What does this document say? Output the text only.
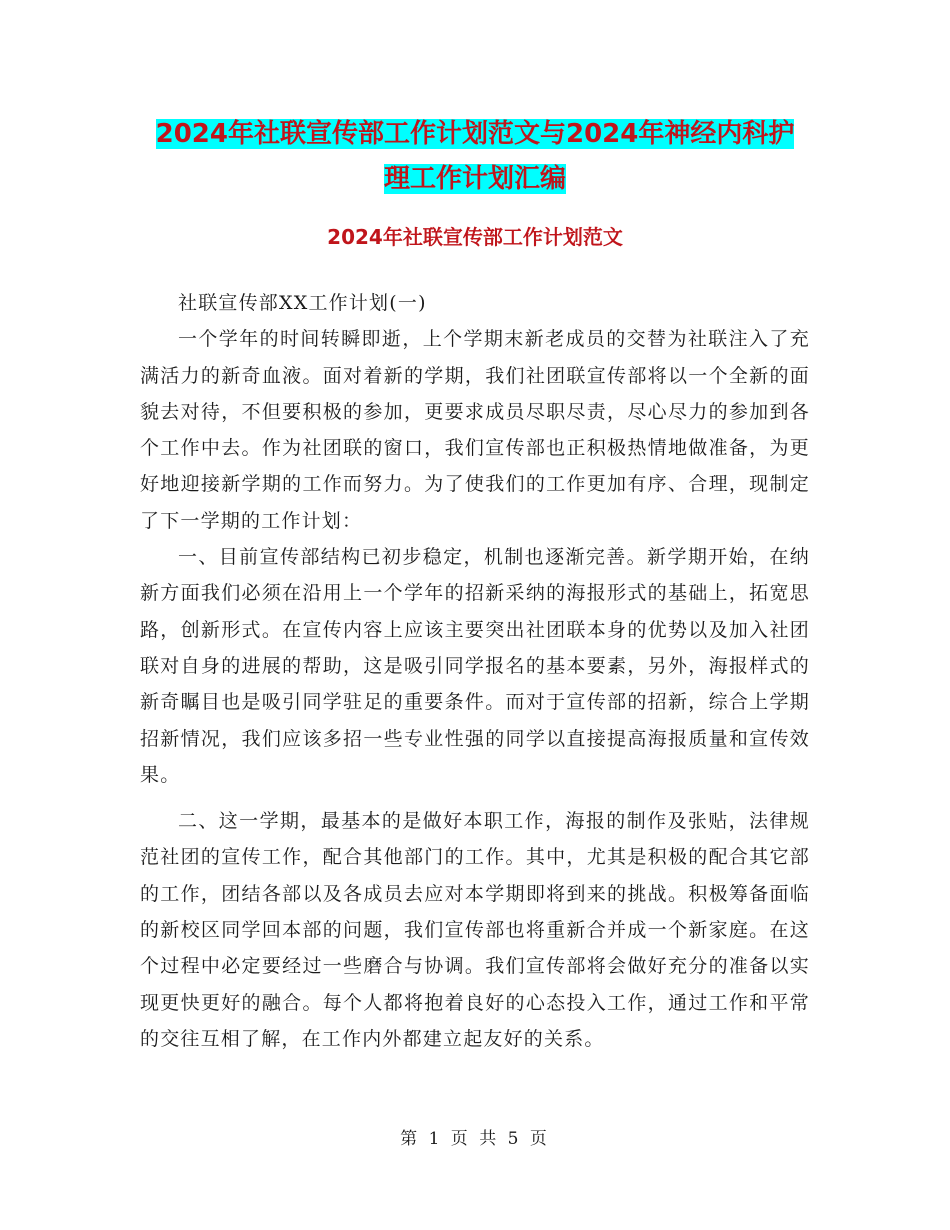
2024年社联宣传部工作计划范文与2024年神经内科护
理工作计划汇编
2024年社联宣传部工作计划范文

社联宣传部XX工作计划(一)

一个学年的时间转瞬即逝，上个学期末新老成员的交替为社联注入了充满活力的新奇血液。面对着新的学期，我们社团联宣传部将以一个全新的面貌去对待，不但要积极的参加，更要求成员尽职尽责，尽心尽力的参加到各个工作中去。作为社团联的窗口，我们宣传部也正积极热情地做准备，为更好地迎接新学期的工作而努力。为了使我们的工作更加有序、合理，现制定了下一学期的工作计划：

一、目前宣传部结构已初步稳定，机制也逐渐完善。新学期开始，在纳新方面我们必须在沿用上一个学年的招新采纳的海报形式的基础上，拓宽思路，创新形式。在宣传内容上应该主要突出社团联本身的优势以及加入社团联对自身的进展的帮助，这是吸引同学报名的基本要素，另外，海报样式的新奇瞩目也是吸引同学驻足的重要条件。而对于宣传部的招新，综合上学期招新情况，我们应该多招一些专业性强的同学以直接提高海报质量和宣传效果。

二、这一学期，最基本的是做好本职工作，海报的制作及张贴，法律规范社团的宣传工作，配合其他部门的工作。其中，尤其是积极的配合其它部的工作，团结各部以及各成员去应对本学期即将到来的挑战。积极筹备面临的新校区同学回本部的问题，我们宣传部也将重新合并成一个新家庭。在这个过程中必定要经过一些磨合与协调。我们宣传部将会做好充分的准备以实现更快更好的融合。每个人都将抱着良好的心态投入工作，通过工作和平常的交往互相了解，在工作内外都建立起友好的关系。

第 1 页 共 5 页
